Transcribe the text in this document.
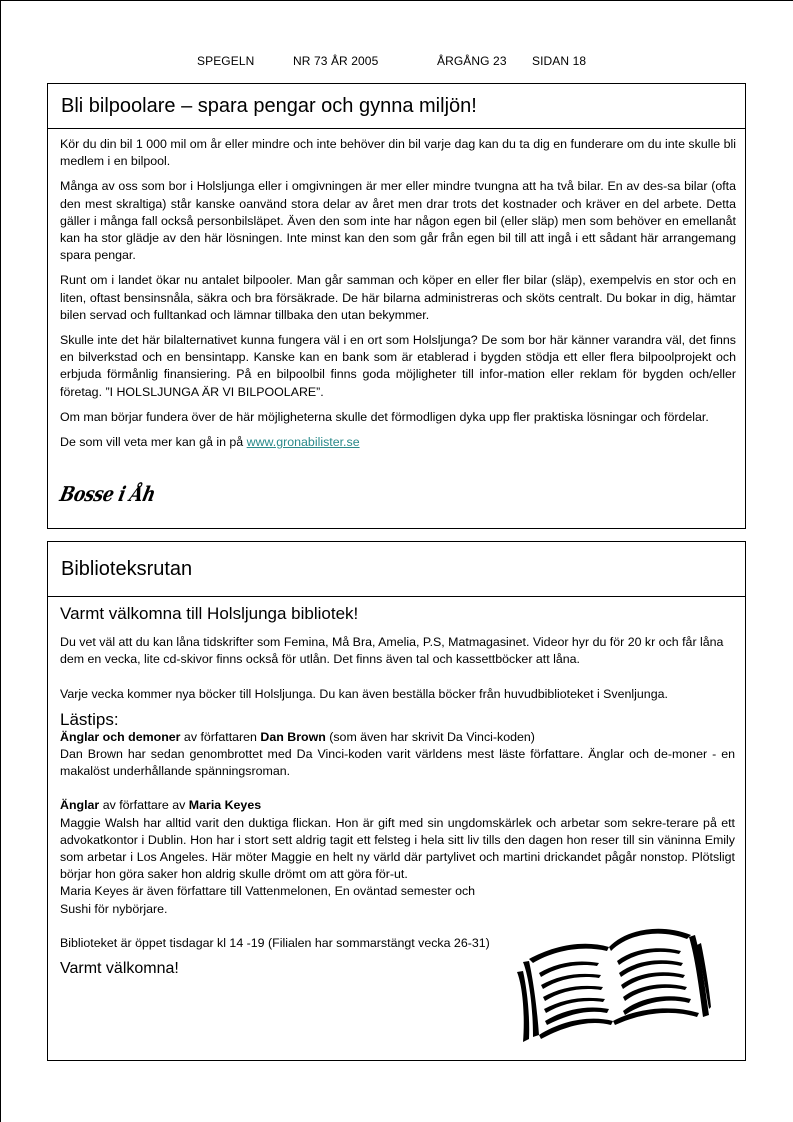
SPEGELN	NR 73 ÅR 2005	ÅRGÅNG 23 SIDAN 18
Bli bilpoolare – spara pengar och gynna miljön!

Kör du din bil 1 000 mil om år eller mindre och inte behöver din bil varje dag kan du ta dig en funderare om du inte skulle bli medlem i en bilpool.

Många av oss som bor i Holsljunga eller i omgivningen är mer eller mindre tvungna att ha två bilar. En av des-sa bilar (ofta den mest skraltiga) står kanske oanvänd stora delar av året men drar trots det kostnader och kräver en del arbete. Detta gäller i många fall också personbilsläpet. Även den som inte har någon egen bil (eller släp) men som behöver en emellanåt kan ha stor glädje av den här lösningen. Inte minst kan den som går från egen bil till att ingå i ett sådant här arrangemang spara pengar.

Runt om i landet ökar nu antalet bilpooler. Man går samman och köper en eller fler bilar (släp), exempelvis en stor och en liten, oftast bensinsnåla, säkra och bra försäkrade. De här bilarna administreras och sköts centralt. Du bokar in dig, hämtar bilen servad och fulltankad och lämnar tillbaka den utan bekymmer.

Skulle inte det här bilalternativet kunna fungera väl i en ort som Holsljunga? De som bor här känner varandra väl, det finns en bilverkstad och en bensintapp. Kanske kan en bank som är etablerad i bygden stödja ett eller flera bilpoolprojekt och erbjuda förmånlig finansiering. På en bilpoolbil finns goda möjligheter till infor-mation eller reklam för bygden och/eller företag. ”I HOLSLJUNGA ÄR VI BILPOOLARE”.

Om man börjar fundera över de här möjligheterna skulle det förmodligen dyka upp fler praktiska lösningar och fördelar.

De som vill veta mer kan gå in på www.gronabilister.se

Bosse i Åh
Biblioteksrutan
Varmt välkomna till Holsljunga bibliotek!

Du vet väl att du kan låna tidskrifter som Femina, Må Bra, Amelia, P.S, Matmagasinet. Videor hyr du för 20 kr och får låna dem en vecka, lite cd-skivor finns också för utlån. Det finns även tal och kassettböcker att låna.

Varje vecka kommer nya böcker till Holsljunga. Du kan även beställa böcker från huvudbiblioteket i Svenljunga.

Lästips:

Änglar och demoner av författaren Dan Brown (som även har skrivit Da Vinci-koden)

Dan Brown har sedan genombrottet med Da Vinci-koden varit världens mest läste författare. Änglar och de-moner - en makalöst underhållande spänningsroman.

Änglar av författare av Maria Keyes

Maggie Walsh har alltid varit den duktiga flickan. Hon är gift med sin ungdomskärlek och arbetar som sekre-terare på ett advokatkontor i Dublin. Hon har i stort sett aldrig tagit ett felsteg i hela sitt liv tills den dagen hon reser till sin väninna Emily som arbetar i Los Angeles. Här möter Maggie en helt ny värld där partylivet och martini drickandet pågår nonstop. Plötsligt börjar hon göra saker hon aldrig skulle drömt om att göra för-ut.

Maria Keyes är även författare till Vattenmelonen, En oväntad semester och Sushi för nybörjare.

Biblioteket är öppet tisdagar kl 14 -19 (Filialen har sommarstängt vecka 26-31)

Varmt välkomna!
